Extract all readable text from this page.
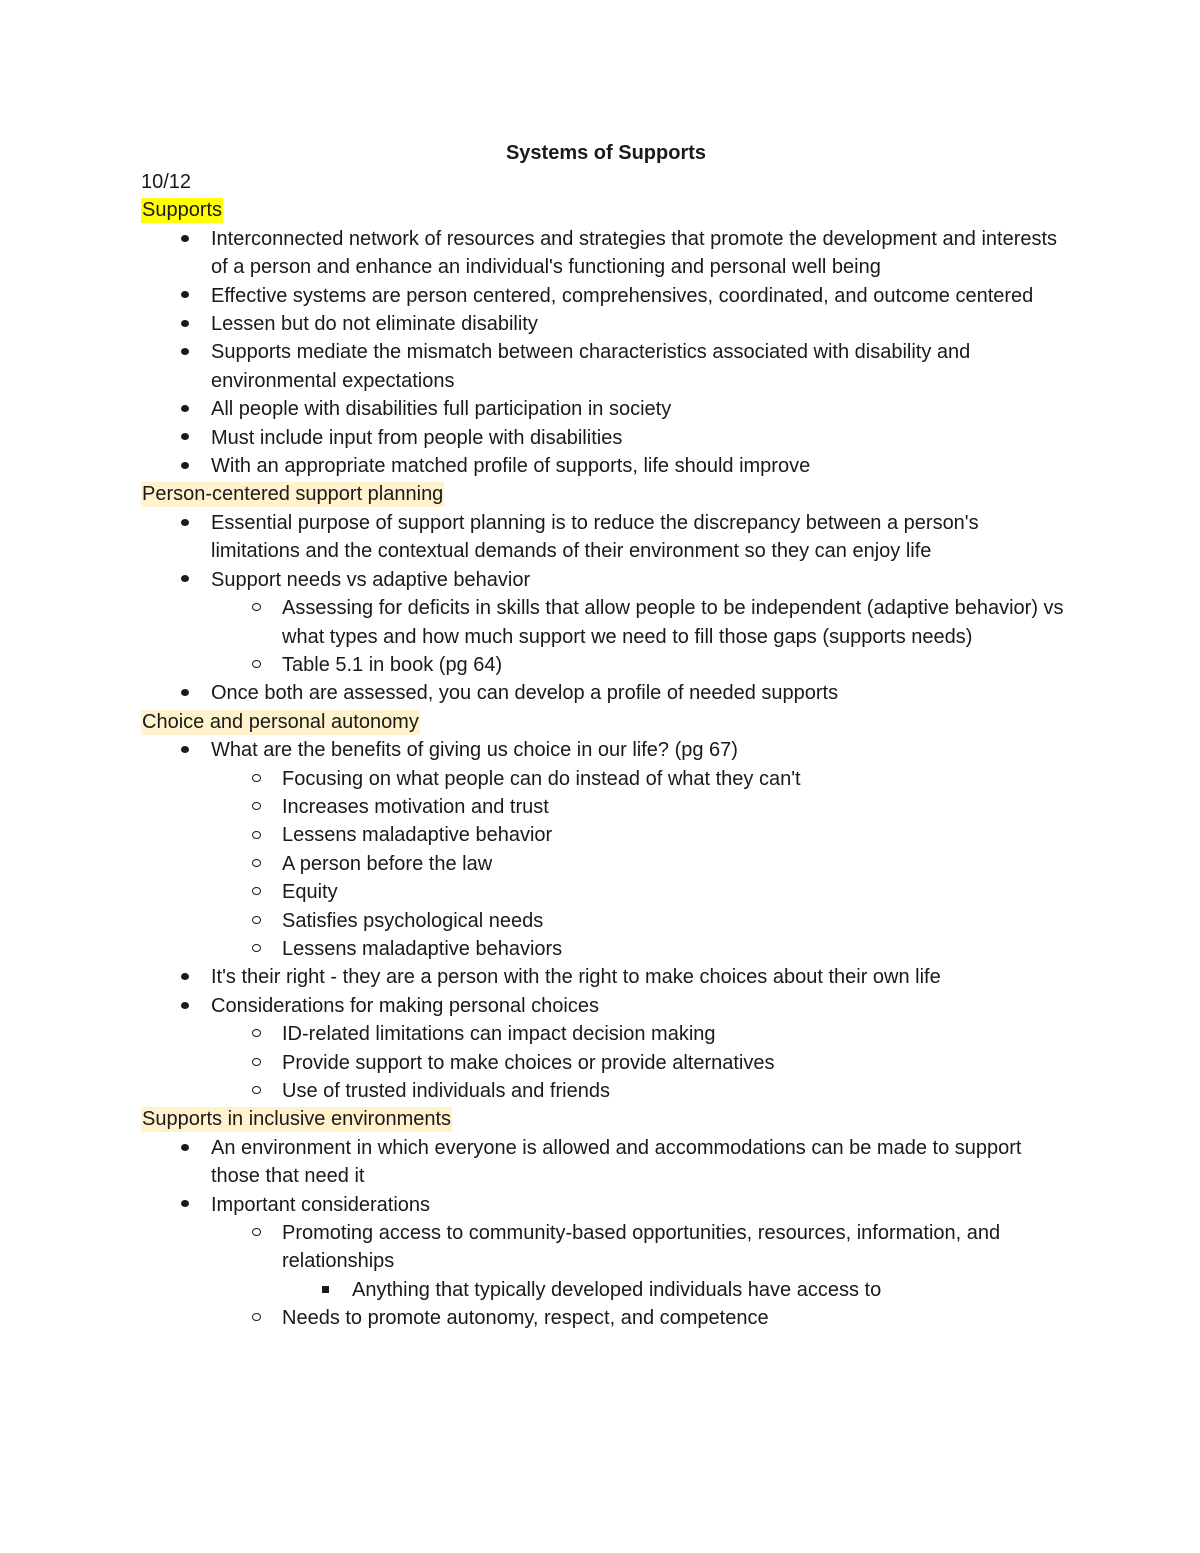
Systems of Supports

10/12

Supports

Interconnected network of resources and strategies that promote the development and interests of a person and enhance an individual's functioning and personal well being
Effective systems are person centered, comprehensives, coordinated, and outcome centered
Lessen but do not eliminate disability
Supports mediate the mismatch between characteristics associated with disability and environmental expectations
All people with disabilities full participation in society
Must include input from people with disabilities
With an appropriate matched profile of supports, life should improve

Person-centered support planning

Essential purpose of support planning is to reduce the discrepancy between a person's limitations and the contextual demands of their environment so they can enjoy life
Support needs vs adaptive behavior
Assessing for deficits in skills that allow people to be independent (adaptive behavior) vs what types and how much support we need to fill those gaps (supports needs)
Table 5.1 in book (pg 64)
Once both are assessed, you can develop a profile of needed supports

Choice and personal autonomy

What are the benefits of giving us choice in our life? (pg 67)
Focusing on what people can do instead of what they can't
Increases motivation and trust
Lessens maladaptive behavior
A person before the law
Equity
Satisfies psychological needs
Lessens maladaptive behaviors
It's their right - they are a person with the right to make choices about their own life
Considerations for making personal choices
ID-related limitations can impact decision making
Provide support to make choices or provide alternatives
Use of trusted individuals and friends

Supports in inclusive environments

An environment in which everyone is allowed and accommodations can be made to support those that need it
Important considerations
Promoting access to community-based opportunities, resources, information, and relationships
Anything that typically developed individuals have access to
Needs to promote autonomy, respect, and competence
